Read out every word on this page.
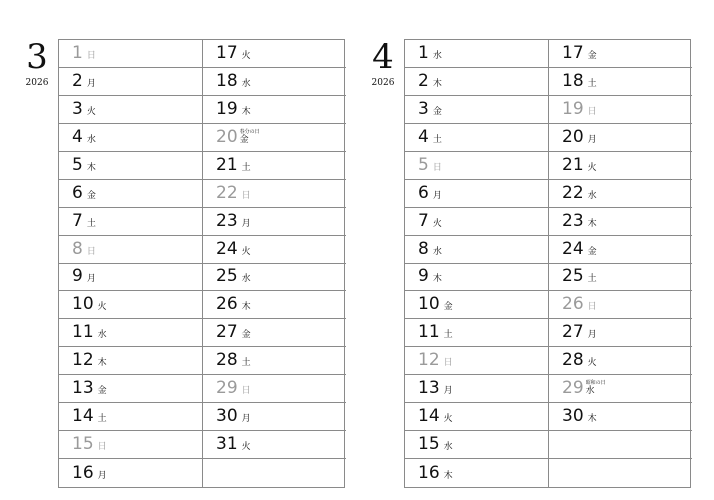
3
2026
1 日
2 月
3 火
4 水
5 木
6 金
7 土
8 日
9 月
10 火
11 水
12 木
13 金
14 土
15 日
16 月
17 火
18 水
19 木
20 春分の日
金
21 土
22 日
23 月
24 火
25 水
26 木
27 金
28 土
29 日
30 月
31 火
4
2026
1 水
2 木
3 金
4 土
5 日
6 月
7 火
8 水
9 木
10 金
11 土
12 日
13 月
14 火
15 水
16 木
17 金
18 土
19 日
20 月
21 火
22 水
23 木
24 金
25 土
26 日
27 月
28 火
29 昭和の日
水
30 木
